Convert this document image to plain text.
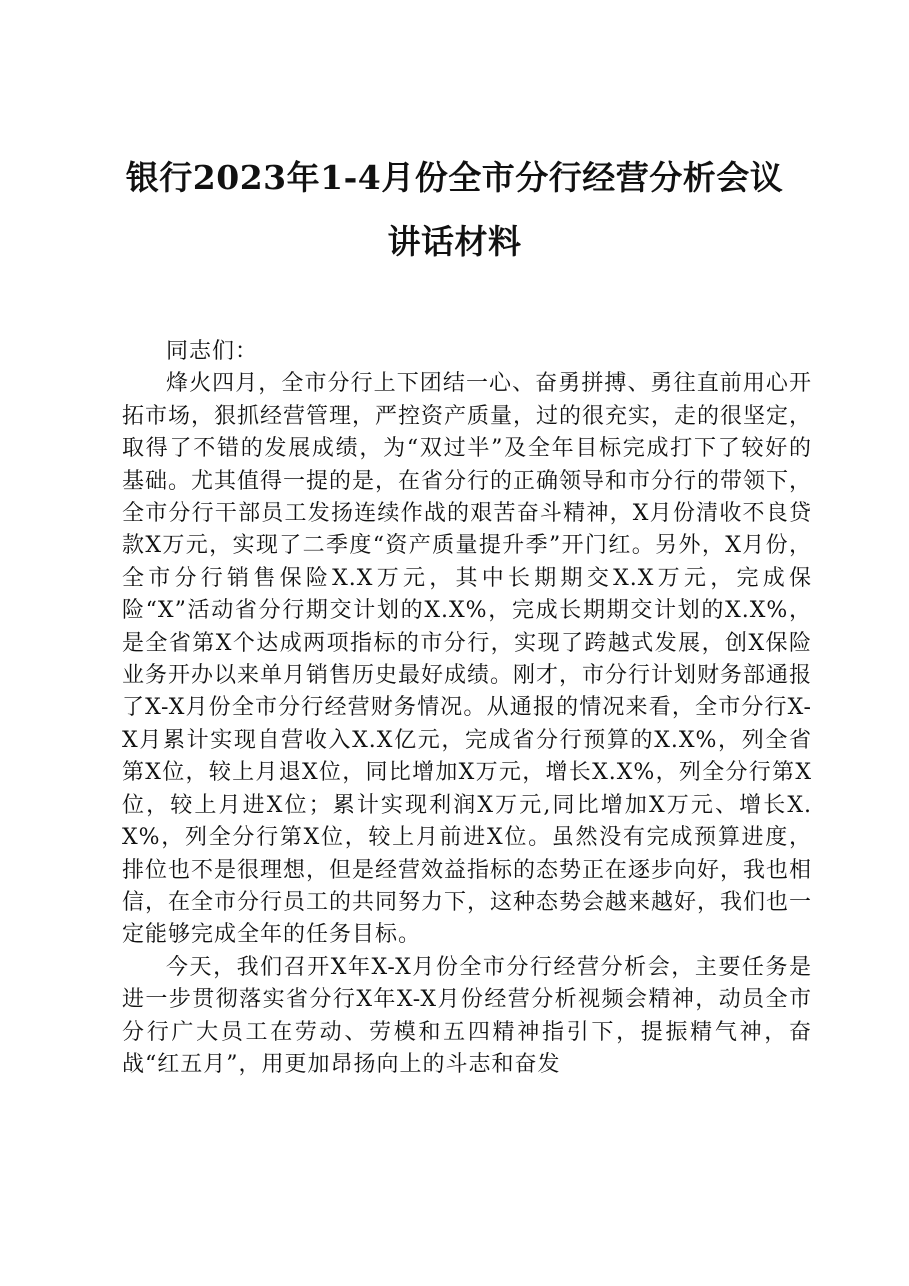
银行2023年1-4月份全市分行经营分析会议
讲话材料

同志们：

烽火四月，全市分行上下团结一心、奋勇拼搏、勇往直前用心开拓市场，狠抓经营管理，严控资产质量，过的很充实，走的很坚定，取得了不错的发展成绩，为“双过半”及全年目标完成打下了较好的基础。尤其值得一提的是，在省分行的正确领导和市分行的带领下，全市分行干部员工发扬连续作战的艰苦奋斗精神，X月份清收不良贷款X万元，实现了二季度“资产质量提升季”开门红。另外，X月份，全市分行销售保险X.X万元，其中长期期交X.X万元，完成保险“X”活动省分行期交计划的X.X%，完成长期期交计划的X.X%，是全省第X个达成两项指标的市分行，实现了跨越式发展，创X保险业务开办以来单月销售历史最好成绩。刚才，市分行计划财务部通报了X-X月份全市分行经营财务情况。从通报的情况来看，全市分行X-X月累计实现自营收入X.X亿元，完成省分行预算的X.X%，列全省第X位，较上月退X位，同比增加X万元，增长X.X%，列全分行第X位，较上月进X位；累计实现利润X万元,同比增加X万元、增长X.X%，列全分行第X位，较上月前进X位。虽然没有完成预算进度，排位也不是很理想，但是经营效益指标的态势正在逐步向好，我也相信，在全市分行员工的共同努力下，这种态势会越来越好，我们也一定能够完成全年的任务目标。

今天，我们召开X年X-X月份全市分行经营分析会，主要任务是进一步贯彻落实省分行X年X-X月份经营分析视频会精神，动员全市分行广大员工在劳动、劳模和五四精神指引下，提振精气神，奋战“红五月”，用更加昂扬向上的斗志和奋发
